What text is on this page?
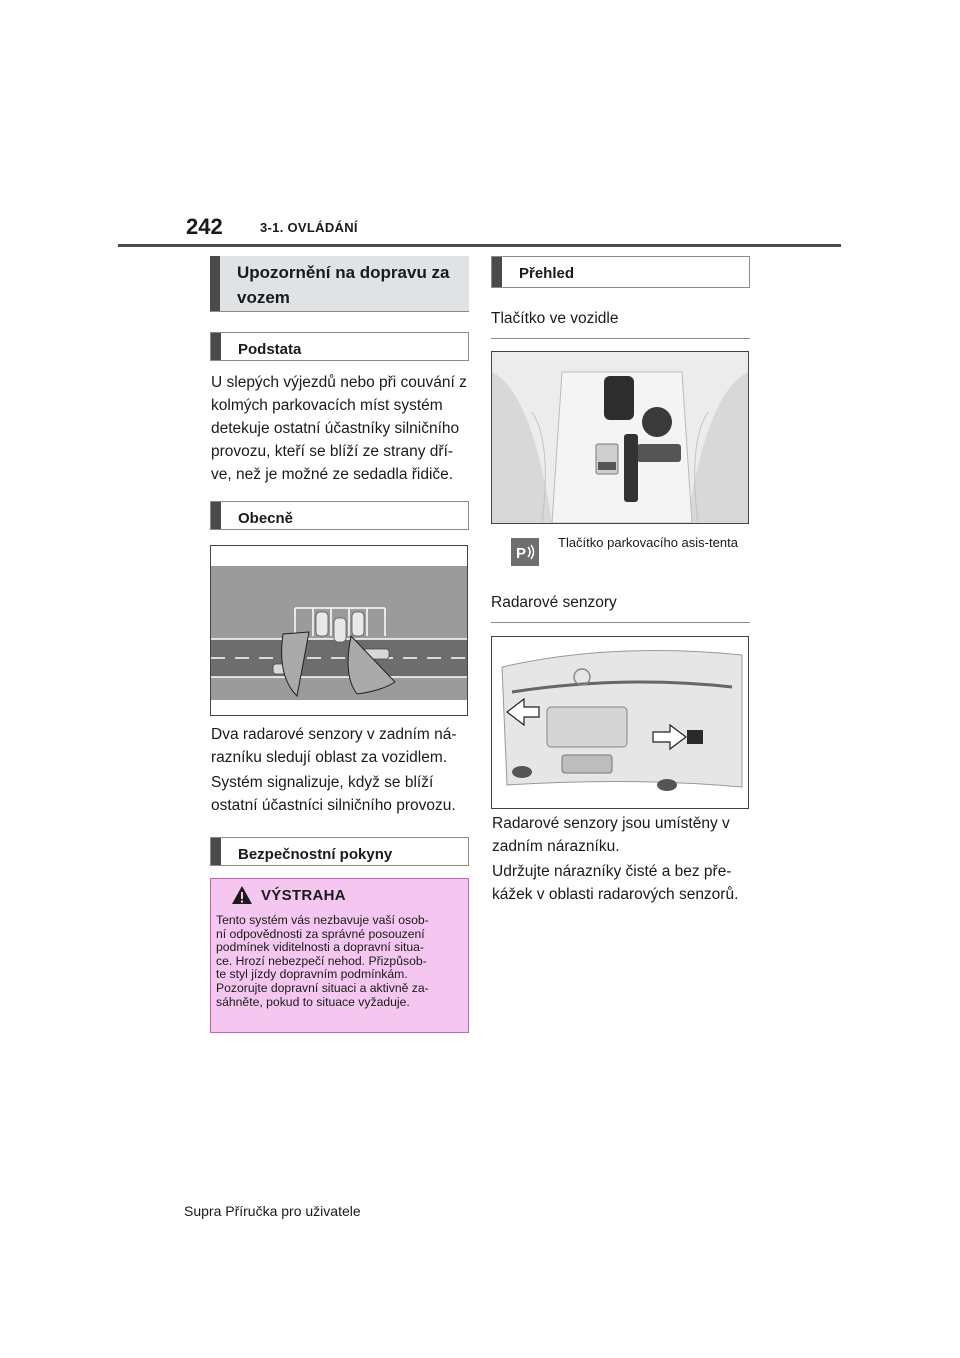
242	3-1. OVLÁDÁNÍ
Upozornění na dopravu za vozem
Podstata
U slepých výjezdů nebo při couvání z kolmých parkovacích míst systém detekuje ostatní účastníky silničního provozu, kteří se blíží ze strany dří-ve, než je možné ze sedadla řidiče.
Obecně
Dva radarové senzory v zadním ná-razníku sledují oblast za vozidlem.
Systém signalizuje, když se blíží ostatní účastníci silničního provozu.
Bezpečnostní pokyny
VÝSTRAHA
Tento systém vás nezbavuje vaší osob-
ní odpovědnosti za správné posouzení
podmínek viditelnosti a dopravní situa-
ce. Hrozí nebezpečí nehod. Přizpůsob-
te styl jízdy dopravním podmínkám.
Pozorujte dopravní situaci a aktivně za-
sáhněte, pokud to situace vyžaduje.
Přehled
Tlačítko ve vozidle
P
Tlačítko parkovacího asis-tenta
Radarové senzory
Radarové senzory jsou umístěny v zadním nárazníku.
Udržujte nárazníky čisté a bez pře-kážek v oblasti radarových senzorů.
Supra Příručka pro uživatele
